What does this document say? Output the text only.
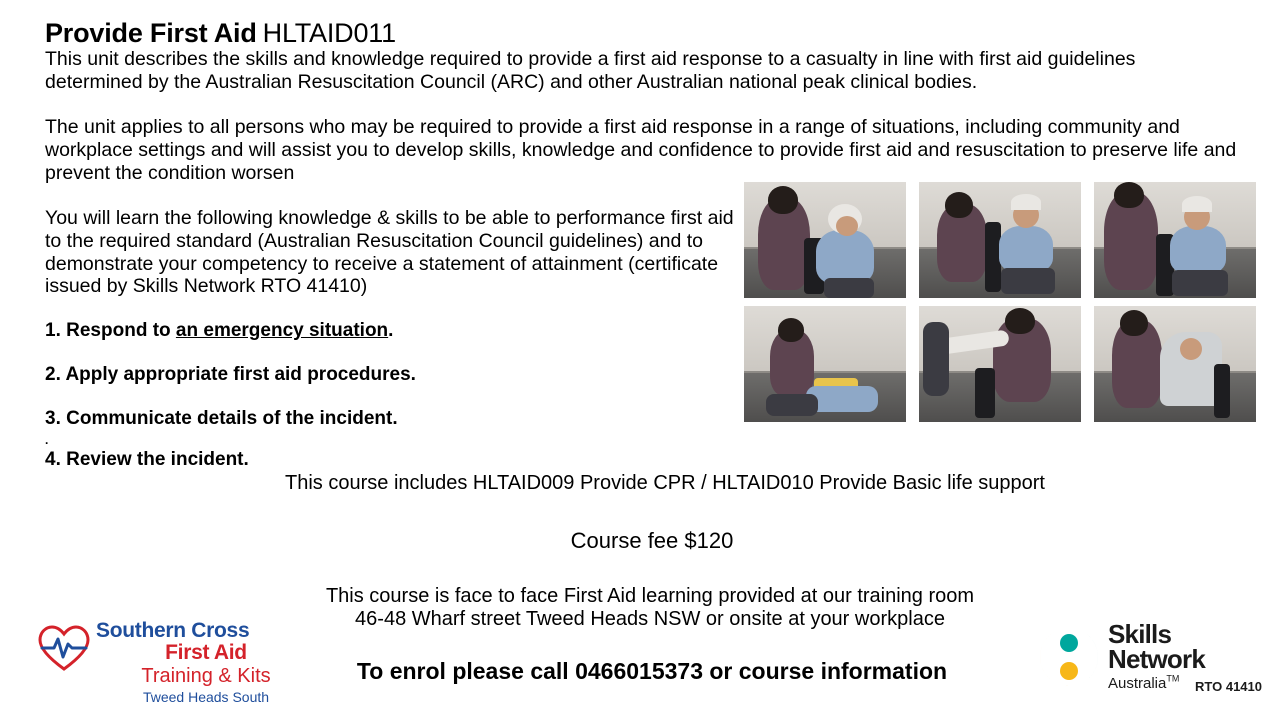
Provide First Aid HLTAID011
This unit describes the skills and knowledge required to provide a first aid response to a casualty in line with first aid guidelines determined by the Australian Resuscitation Council (ARC) and other Australian national peak clinical bodies.
The unit applies to all persons who may be required to provide a first aid response in a range of situations, including community and workplace settings and will assist you to develop skills, knowledge and confidence to provide first aid and resuscitation to preserve life and prevent the condition worsen
You will learn the following knowledge & skills to be able to performance first aid to the required standard (Australian Resuscitation Council guidelines) and to demonstrate your competency to receive a statement of attainment (certificate issued by Skills Network RTO 41410)
1. Respond to an emergency situation.
2. Apply appropriate first aid procedures.
3. Communicate details of the incident.
.
4. Review the incident.
This course includes HLTAID009 Provide CPR / HLTAID010 Provide Basic life support
Course fee $120
This course is face to face First Aid learning provided at our training room
46-48 Wharf street Tweed Heads NSW or onsite at your workplace
To enrol please call 0466015373 or course information
Southern Cross
First Aid
Training & Kits
Tweed Heads South
Skills
Network
Australia™
RTO 41410
